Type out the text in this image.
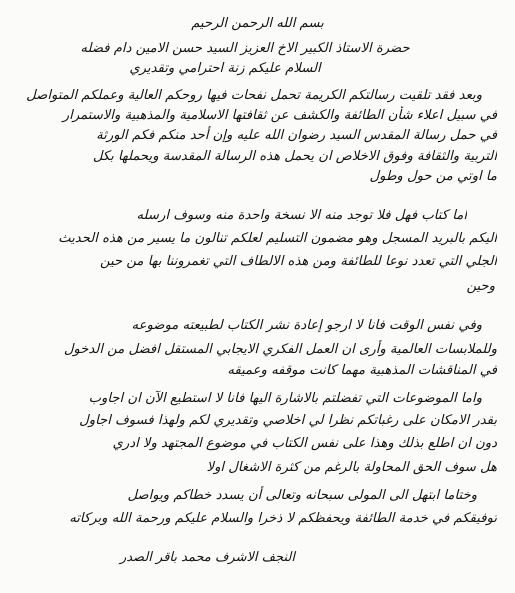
بسم الله الرحمن الرحيم
حضرة الاستاذ الكبير الاخ العزيز السيد حسن الامين دام فضله
السلام عليكم زنة احترامي وتقديري
وبعد فقد تلقيت رسالتكم الكريمة تحمل نفحات فيها روحكم العالية وعملكم المتواصل
في سبيل اعلاء شأن الطائفة والكشف عن ثقافتها الاسلامية والمذهبية والاستمرار
في حمل رسالة المقدس السيد رضوان الله عليه وإن أحد منكم فكم الورثة
التربية والثقافة وفوق الاخلاص ان يحمل هذه الرسالة المقدسة ويحملها بكل
ما اوتي من حول وطول
اما كتاب فهل فلا توجد منه الا نسخة واحدة منه وسوف ارسله
اليكم بالبريد المسجل وهو مضمون التسليم لعلكم تنالون ما يسير من هذه الحديث
الجلي التي تعدد نوعا للطائفة ومن هذه الالطاف التي تغمروننا بها من حين
وحين
وفي نفس الوقت فانا لا ارجو إعادة نشر الكتاب لطبيعته موضوعه
وللملابسات العالمية وأرى ان العمل الفكري الايجابي المستقل افضل من الدخول
في المناقشات المذهبية مهما كانت موقفه وعميقه
واما الموضوعات التي تفضلتم بالاشارة اليها فانا لا استطيع الآن ان اجاوب
بقدر الامكان على رغباتكم نظرا لي اخلاصي وتقديري لكم ولهذا فسوف اجاول
دون ان اطلع بذلك وهذا على نفس الكتاب في موضوع المجتهد ولا ادري
هل سوف الحق المحاولة بالرغم من كثرة الاشغال اولا
وختاما ابتهل الى المولى سبحانه وتعالى أن يسدد خطاكم ويواصل
توفيقكم في خدمة الطائفة ويحفظكم لا ذخرا والسلام عليكم ورحمة الله وبركاته
النجف الاشرف محمد باقر الصدر
